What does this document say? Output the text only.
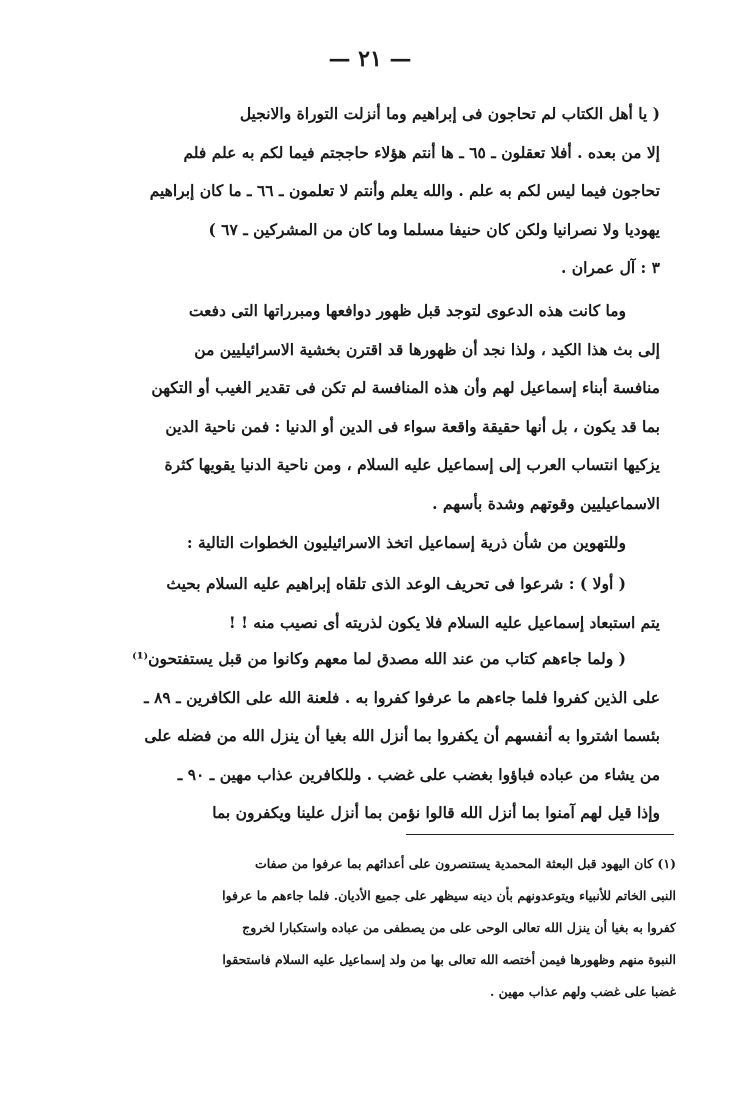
— ٢١ —
( يا أهل الكتاب لم تحاجون فى إبراهيم وما أنزلت التوراة والانجيل
إلا من بعده . أفلا تعقلون ـ ٦٥ ـ ها أنتم هؤلاء حاججتم فيما لكم به علم فلم
تحاجون فيما ليس لكم به علم . والله يعلم وأنتم لا تعلمون ـ ٦٦ ـ ما كان إبراهيم
يهوديا ولا نصرانيا ولكن كان حنيفا مسلما وما كان من المشركين ـ ٦٧ )
٣ : آل عمران .
وما كانت هذه الدعوى لتوجد قبل ظهور دوافعها ومبرراتها التى دفعت
إلى بث هذا الكيد ، ولذا نجد أن ظهورها قد اقترن بخشية الاسرائيليين من
منافسة أبناء إسماعيل لهم وأن هذه المنافسة لم تكن فى تقدير الغيب أو التكهن
بما قد يكون ، بل أنها حقيقة واقعة سواء فى الدين أو الدنيا : فمن ناحية الدين
يزكيها انتساب العرب إلى إسماعيل عليه السلام ، ومن ناحية الدنيا يقويها كثرة
الاسماعيليين وقوتهم وشدة بأسهم .
وللتهوين من شأن ذرية إسماعيل اتخذ الاسرائيليون الخطوات التالية :
( أولا ) : شرعوا فى تحريف الوعد الذى تلقاه إبراهيم عليه السلام بحيث
يتم استبعاد إسماعيل عليه السلام فلا يكون لذريته أى نصيب منه ! !
( ولما جاءهم كتاب من عند الله مصدق لما معهم وكانوا من قبل يستفتحون⁽¹⁾
على الذين كفروا فلما جاءهم ما عرفوا كفروا به . فلعنة الله على الكافرين ـ ٨٩ ـ
بئسما اشتروا به أنفسهم أن يكفروا بما أنزل الله بغيا أن ينزل الله من فضله على
من يشاء من عباده فباؤوا بغضب على غضب . وللكافرين عذاب مهين ـ ٩٠ ـ
وإذا قيل لهم آمنوا بما أنزل الله قالوا نؤمن بما أنزل علينا ويكفرون بما
(١) كان اليهود قبل البعثة المحمدية يستنصرون على أعدائهم بما عرفوا من صفات
النبى الخاتم للأنبياء ويتوعدونهم بأن دينه سيظهر على جميع الأديان. فلما جاءهم ما عرفوا
كفروا به بغيا أن ينزل الله تعالى الوحى على من يصطفى من عباده واستكبارا لخروج
النبوة منهم وظهورها فيمن أختصه الله تعالى بها من ولد إسماعيل عليه السلام فاستحقوا
غضبا على غضب ولهم عذاب مهين .
